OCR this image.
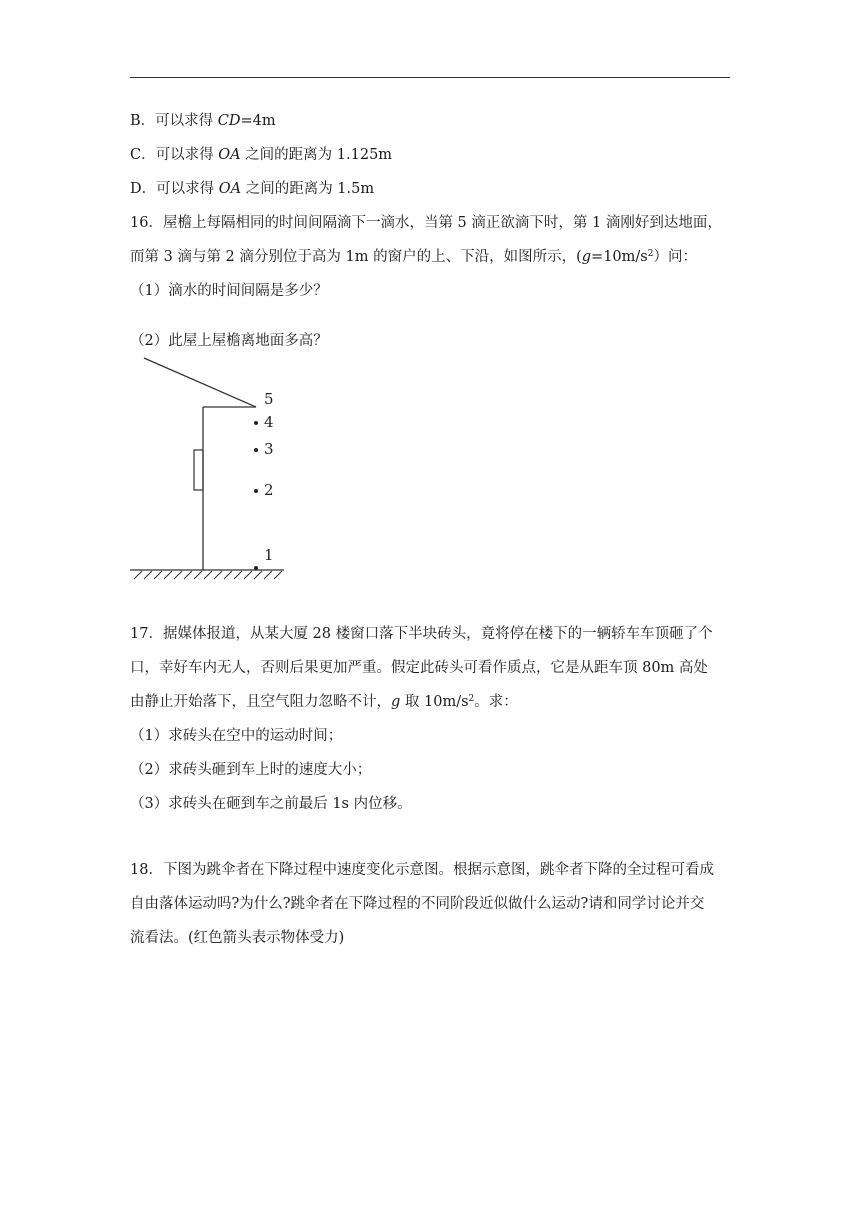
B．可以求得 CD=4m
C．可以求得 OA 之间的距离为 1.125m
D．可以求得 OA 之间的距离为 1.5m
16．屋檐上每隔相同的时间间隔滴下一滴水，当第 5 滴正欲滴下时，第 1 滴刚好到达地面，
而第 3 滴与第 2 滴分别位于高为 1m 的窗户的上、下沿，如图所示，$(g=10m/s^2)$问：
（1）滴水的时间间隔是多少？
（2）此屋上屋檐离地面多高？
5
4
3
2
1
17．据媒体报道，从某大厦 28 楼窗口落下半块砖头，竟将停在楼下的一辆轿车车顶砸了个
口，幸好车内无人，否则后果更加严重。假定此砖头可看作质点，它是从距车顶 80m 高处
由静止开始落下，且空气阻力忽略不计，g 取 $10m/s^2$。求：
（1）求砖头在空中的运动时间；
（2）求砖头砸到车上时的速度大小；
（3）求砖头在砸到车之前最后 1s 内位移。
18．下图为跳伞者在下降过程中速度变化示意图。根据示意图，跳伞者下降的全过程可看成
自由落体运动吗?为什么?跳伞者在下降过程的不同阶段近似做什么运动?请和同学讨论并交
流看法。(红色箭头表示物体受力)
